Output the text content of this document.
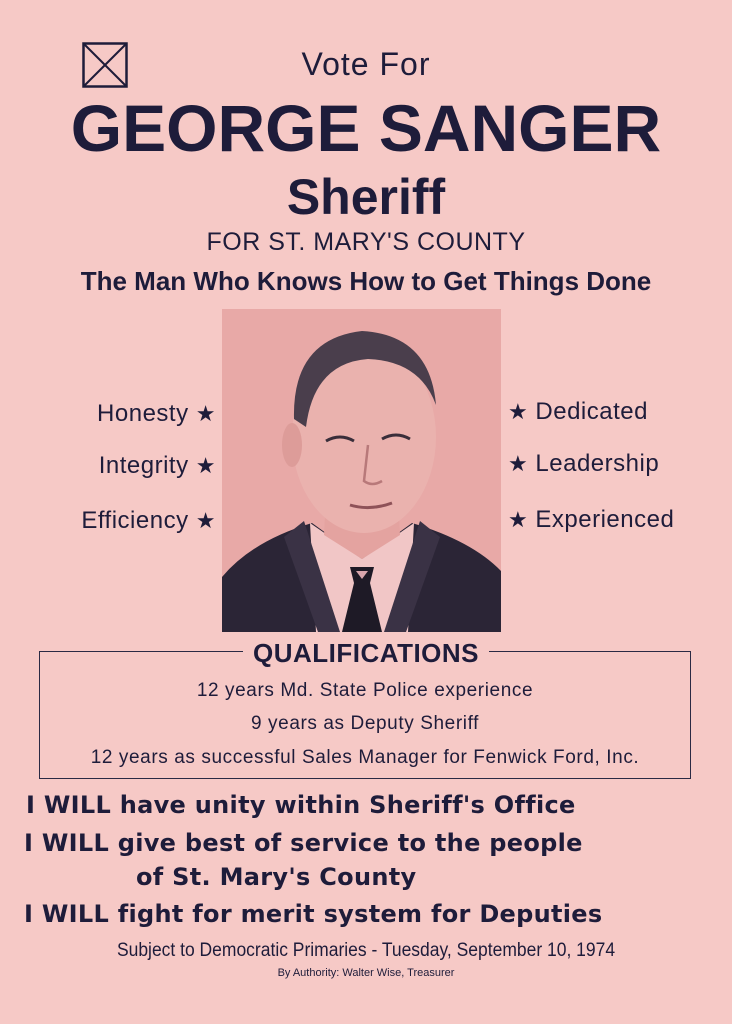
Vote For
GEORGE SANGER
Sheriff
FOR ST. MARY'S COUNTY
The Man Who Knows How to Get Things Done
Honesty ★
Integrity ★
Efficiency ★
★ Dedicated
★ Leadership
★ Experienced
QUALIFICATIONS
12 years Md. State Police experience
9 years as Deputy Sheriff
12 years as successful Sales Manager for Fenwick Ford, Inc.
I WILL have unity within Sheriff's Office
I WILL give best of service to the people
of St. Mary's County
I WILL fight for merit system for Deputies
Subject to Democratic Primaries - Tuesday, September 10, 1974
By Authority: Walter Wise, Treasurer
